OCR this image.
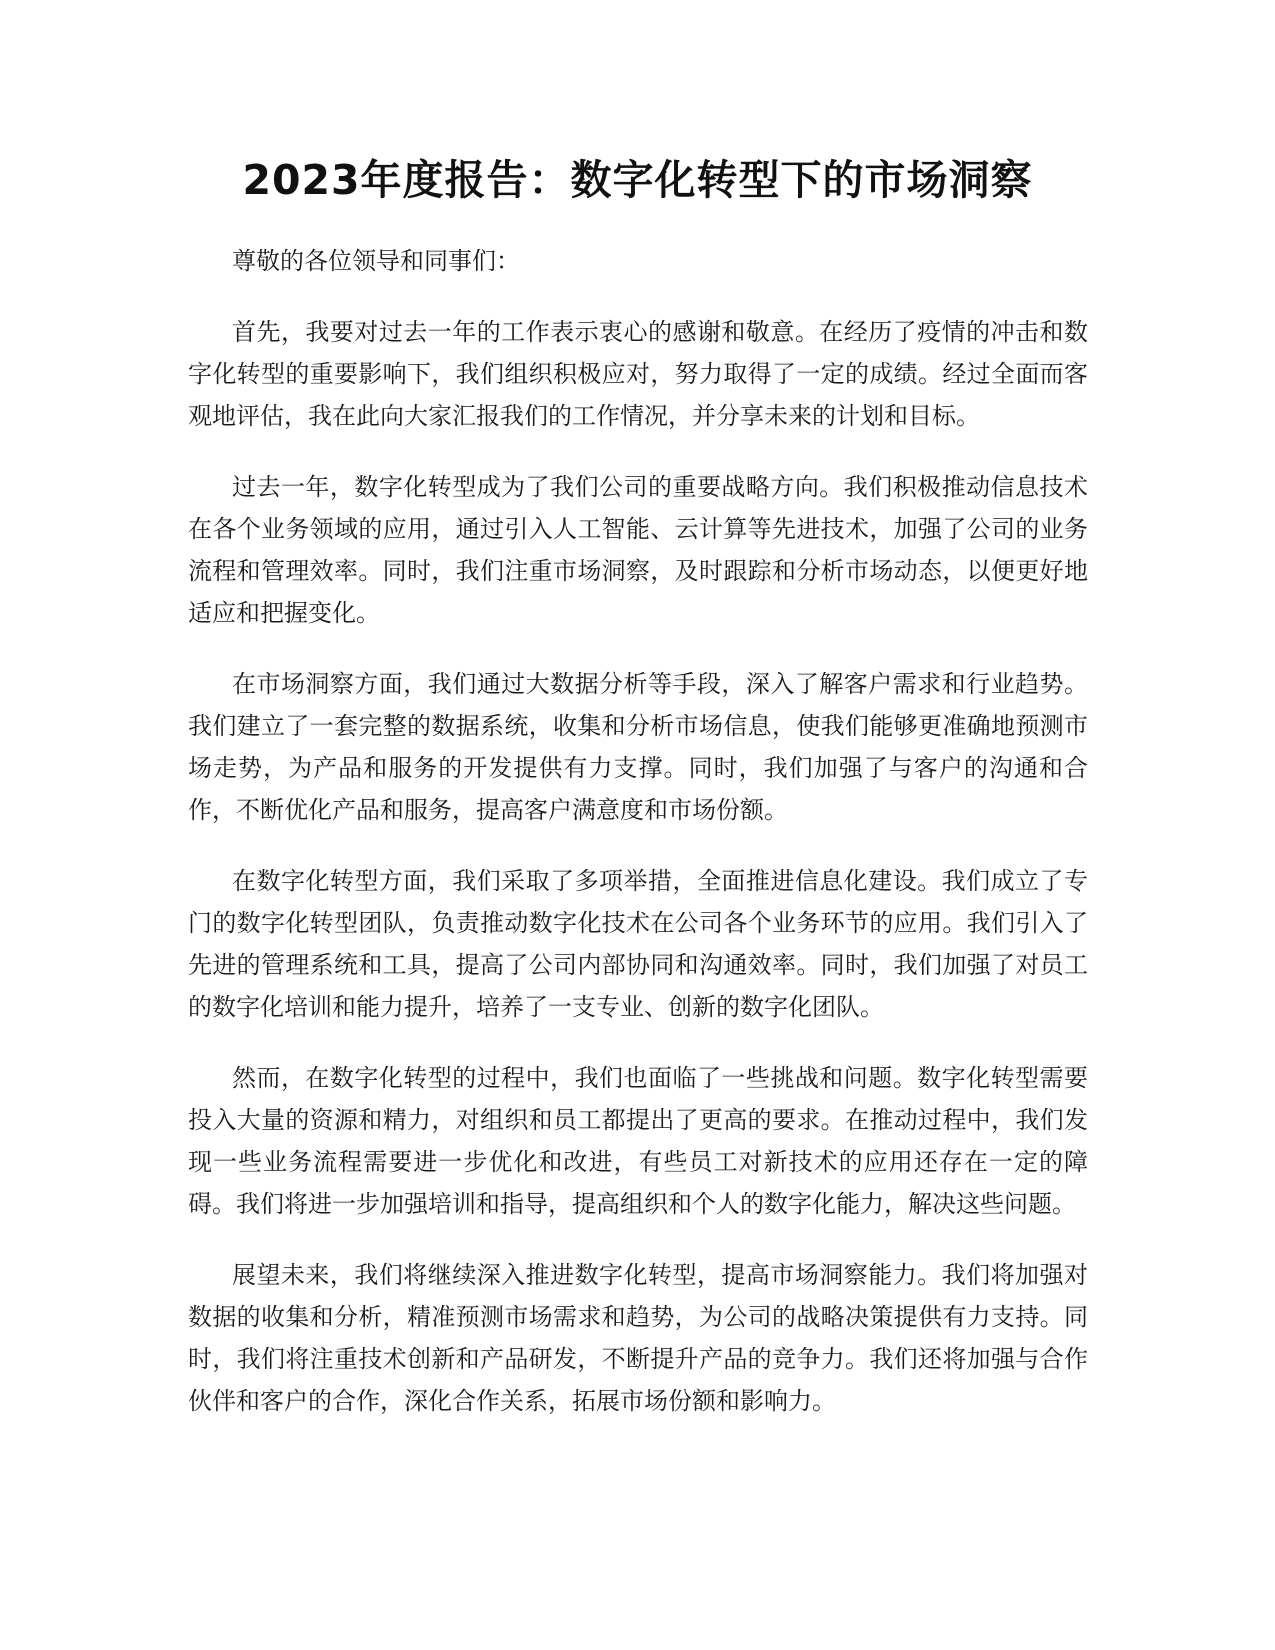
2023年度报告：数字化转型下的市场洞察

尊敬的各位领导和同事们：

首先，我要对过去一年的工作表示衷心的感谢和敬意。在经历了疫情的冲击和数字化转型的重要影响下，我们组织积极应对，努力取得了一定的成绩。经过全面而客观地评估，我在此向大家汇报我们的工作情况，并分享未来的计划和目标。

过去一年，数字化转型成为了我们公司的重要战略方向。我们积极推动信息技术在各个业务领域的应用，通过引入人工智能、云计算等先进技术，加强了公司的业务流程和管理效率。同时，我们注重市场洞察，及时跟踪和分析市场动态，以便更好地适应和把握变化。

在市场洞察方面，我们通过大数据分析等手段，深入了解客户需求和行业趋势。我们建立了一套完整的数据系统，收集和分析市场信息，使我们能够更准确地预测市场走势，为产品和服务的开发提供有力支撑。同时，我们加强了与客户的沟通和合作，不断优化产品和服务，提高客户满意度和市场份额。

在数字化转型方面，我们采取了多项举措，全面推进信息化建设。我们成立了专门的数字化转型团队，负责推动数字化技术在公司各个业务环节的应用。我们引入了先进的管理系统和工具，提高了公司内部协同和沟通效率。同时，我们加强了对员工的数字化培训和能力提升，培养了一支专业、创新的数字化团队。

然而，在数字化转型的过程中，我们也面临了一些挑战和问题。数字化转型需要投入大量的资源和精力，对组织和员工都提出了更高的要求。在推动过程中，我们发现一些业务流程需要进一步优化和改进，有些员工对新技术的应用还存在一定的障碍。我们将进一步加强培训和指导，提高组织和个人的数字化能力，解决这些问题。

展望未来，我们将继续深入推进数字化转型，提高市场洞察能力。我们将加强对数据的收集和分析，精准预测市场需求和趋势，为公司的战略决策提供有力支持。同时，我们将注重技术创新和产品研发，不断提升产品的竞争力。我们还将加强与合作伙伴和客户的合作，深化合作关系，拓展市场份额和影响力。
